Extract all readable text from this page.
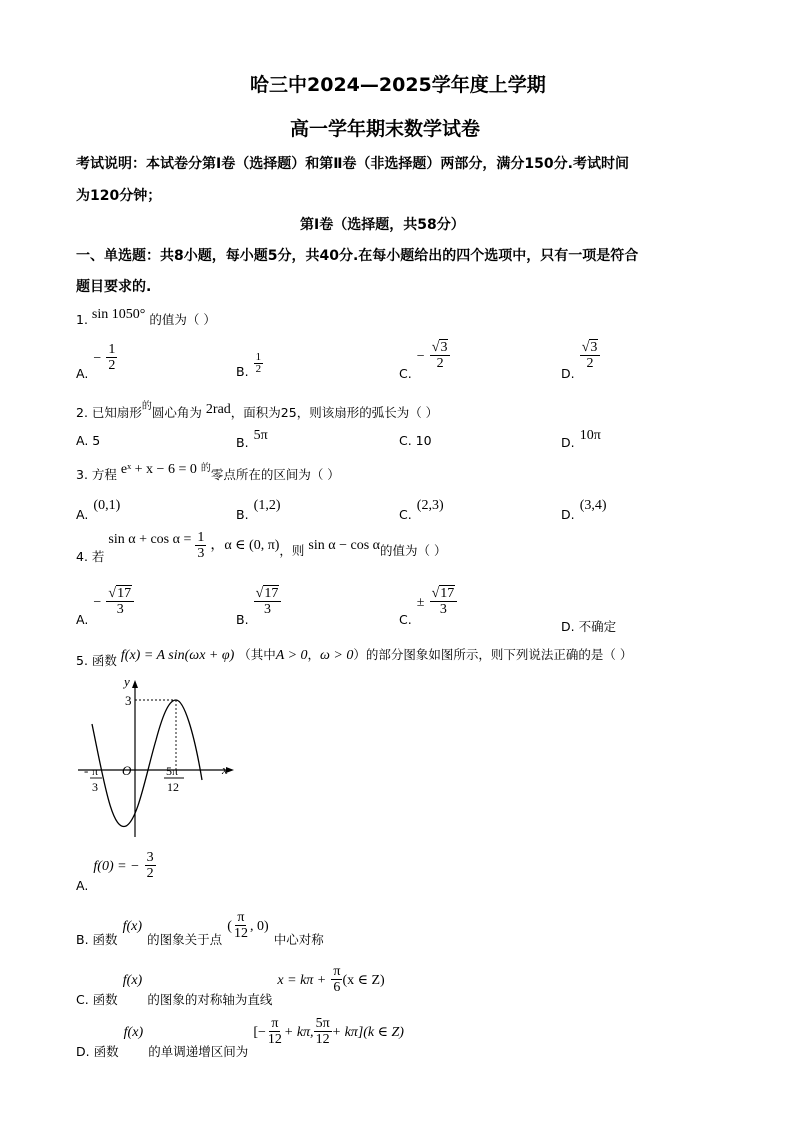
哈三中2024—2025学年度上学期
高一学年期末数学试卷
考试说明：本试卷分第Ⅰ卷（选择题）和第Ⅱ卷（非选择题）两部分，满分150分.考试时间
为120分钟；
第Ⅰ卷（选择题，共58分）
一、单选题：共8小题，每小题5分，共40分.在每小题给出的四个选项中，只有一项是符合
题目要求的.
1. sin 1050° 的值为（ ）
$_{A.} - \frac{1}{2}$	$_{B.} \frac{1}{2}$	$_{C.} - \frac{√3}{2}$
$_{D.}$
$\frac{√3}{2}$
2. 已知扇形$^的$圆心角为 2rad，面积为25，则该扇形的弧长为（ ）
A. 5	$_{B.}$ 5π	C. 10	$_{D.}$ 10π
3. 方程 eˣ + x − 6 = 0 的零点所在的区间为（ ）
$_{A.}$ (0,1)
$_{B.}$ (1,2)
$_{C.}$ (2,3)
$_{D.}$ (3,4)
4. 若 $\sin \alpha + \cos \alpha = \frac{1}{3}$ ，α ∈ (0, π)，则 sin α − cos α的值为（ ）
$_{A.} - \frac{√17}{3}$
$_{B.}$
$\frac{√17}{3}$
$_{C.} \pm \frac{√17}{3}$
D. 不确定
5. 函数 f(x) = A sin(ωx + φ) （其中A > 0，ω > 0）的部分图象如图所示，则下列说法正确的是（ ）
y
x
O
3
- π
3
5π
12
$_{A.}$ f(0) = − $\frac{3}{2}$
$_{B. 函数}$ f(x) $_{的图象关于点}$ ( $\frac{\pi}{12}$ , 0) $_{中心对称}$
$_{C. 函数}$ f(x) $_{的图象的对称轴为直线}$ $x = k\pi + \frac{\pi}{6} (x$ ∈ Z)
$_{D. 函数}$ f(x) $_{的单调递增区间为}$ [− $\frac{\pi}{12} + k\pi$, $\frac{5\pi}{12} + k\pi](k$ ∈ Z)
